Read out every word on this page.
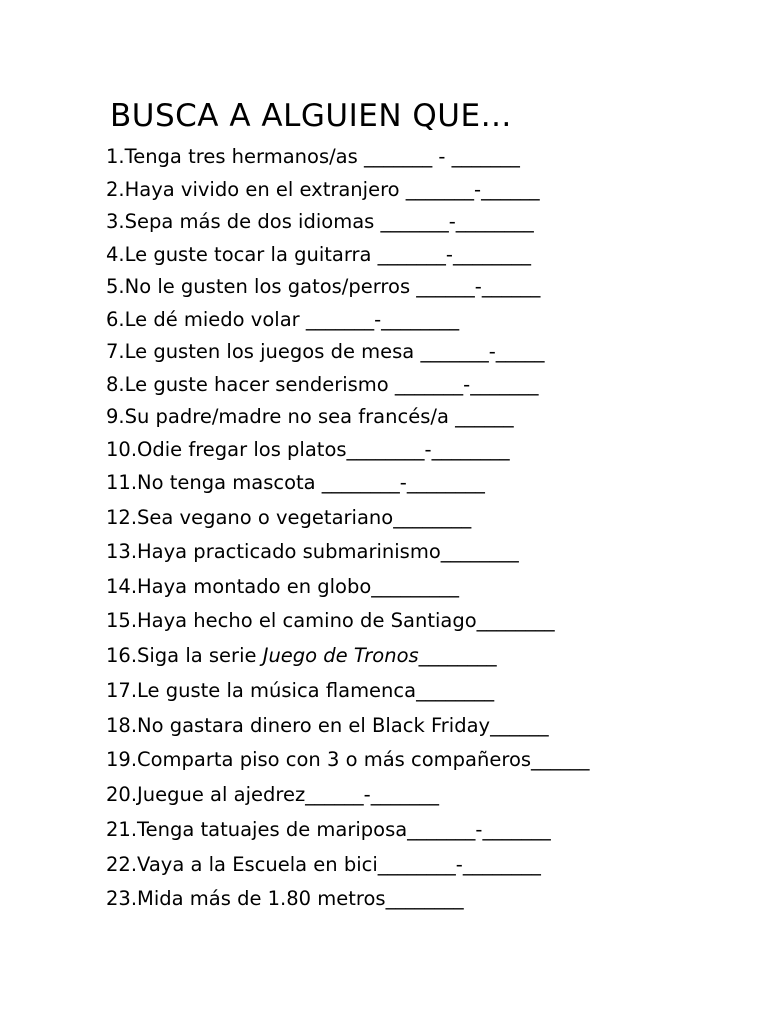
BUSCA A ALGUIEN QUE…
1.Tenga tres hermanos/as _______ - _______
2.Haya vivido en el extranjero _______-______
3.Sepa más de dos idiomas _______-________
4.Le guste tocar la guitarra _______-________
5.No le gusten los gatos/perros ______-______
6.Le dé miedo volar _______-________
7.Le gusten los juegos de mesa _______-_____
8.Le guste hacer senderismo _______-_______
9.Su padre/madre no sea francés/a ______
10.Odie fregar los platos________-________
11.No tenga mascota ________-________
12.Sea vegano o vegetariano________
13.Haya practicado submarinismo________
14.Haya montado en globo_________
15.Haya hecho el camino de Santiago________
16.Siga la serie Juego de Tronos________
17.Le guste la música flamenca________
18.No gastara dinero en el Black Friday______
19.Comparta piso con 3 o más compañeros______
20.Juegue al ajedrez______-_______
21.Tenga tatuajes de mariposa_______-_______
22.Vaya a la Escuela en bici________-________
23.Mida más de 1.80 metros________
